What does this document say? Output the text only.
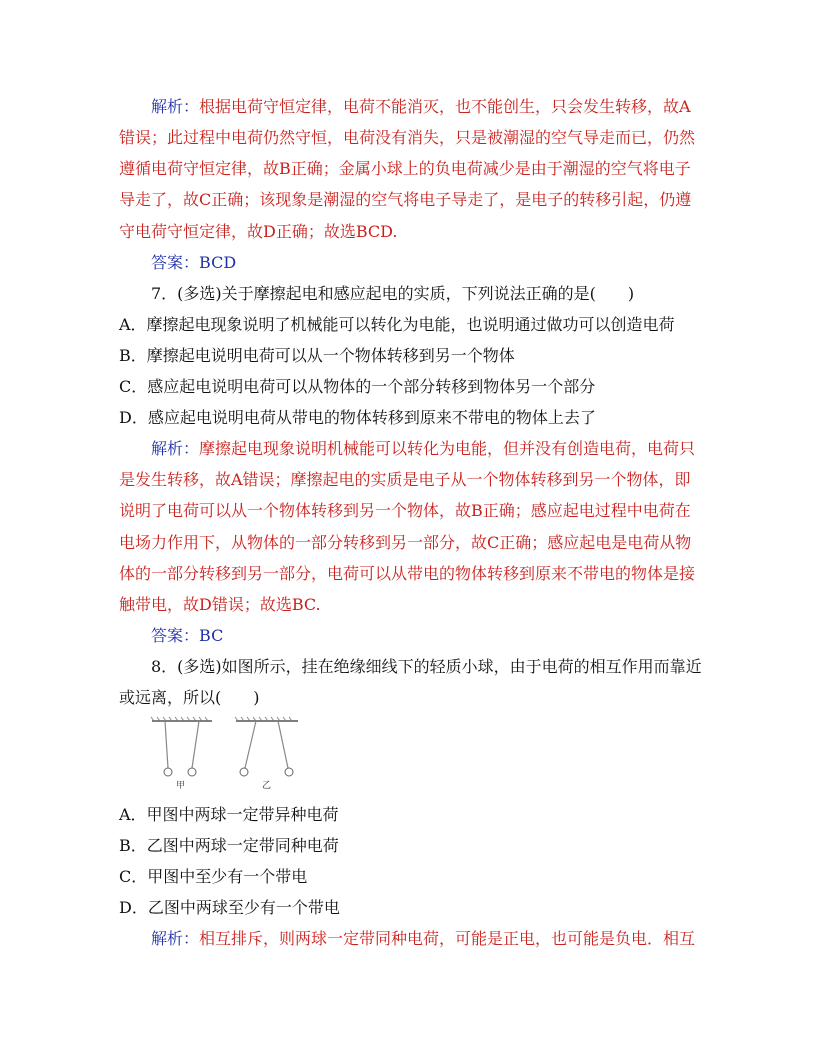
解析：根据电荷守恒定律，电荷不能消灭，也不能创生，只会发生转移，故A
错误；此过程中电荷仍然守恒，电荷没有消失，只是被潮湿的空气导走而已，仍然
遵循电荷守恒定律，故B正确；金属小球上的负电荷减少是由于潮湿的空气将电子
导走了，故C正确；该现象是潮湿的空气将电子导走了，是电子的转移引起，仍遵
守电荷守恒定律，故D正确；故选BCD.
答案：BCD
7．(多选)关于摩擦起电和感应起电的实质，下列说法正确的是(　　)
A．摩擦起电现象说明了机械能可以转化为电能，也说明通过做功可以创造电荷
B．摩擦起电说明电荷可以从一个物体转移到另一个物体
C．感应起电说明电荷可以从物体的一个部分转移到物体另一个部分
D．感应起电说明电荷从带电的物体转移到原来不带电的物体上去了
解析：摩擦起电现象说明机械能可以转化为电能，但并没有创造电荷，电荷只
是发生转移，故A错误；摩擦起电的实质是电子从一个物体转移到另一个物体，即
说明了电荷可以从一个物体转移到另一个物体，故B正确；感应起电过程中电荷在
电场力作用下，从物体的一部分转移到另一部分，故C正确；感应起电是电荷从物
体的一部分转移到另一部分，电荷可以从带电的物体转移到原来不带电的物体是接
触带电，故D错误；故选BC.
答案：BC
8．(多选)如图所示，挂在绝缘细线下的轻质小球，由于电荷的相互作用而靠近
或远离，所以(　　)
甲	乙
A．甲图中两球一定带异种电荷
B．乙图中两球一定带同种电荷
C．甲图中至少有一个带电
D．乙图中两球至少有一个带电
解析：相互排斥，则两球一定带同种电荷，可能是正电，也可能是负电．相互
